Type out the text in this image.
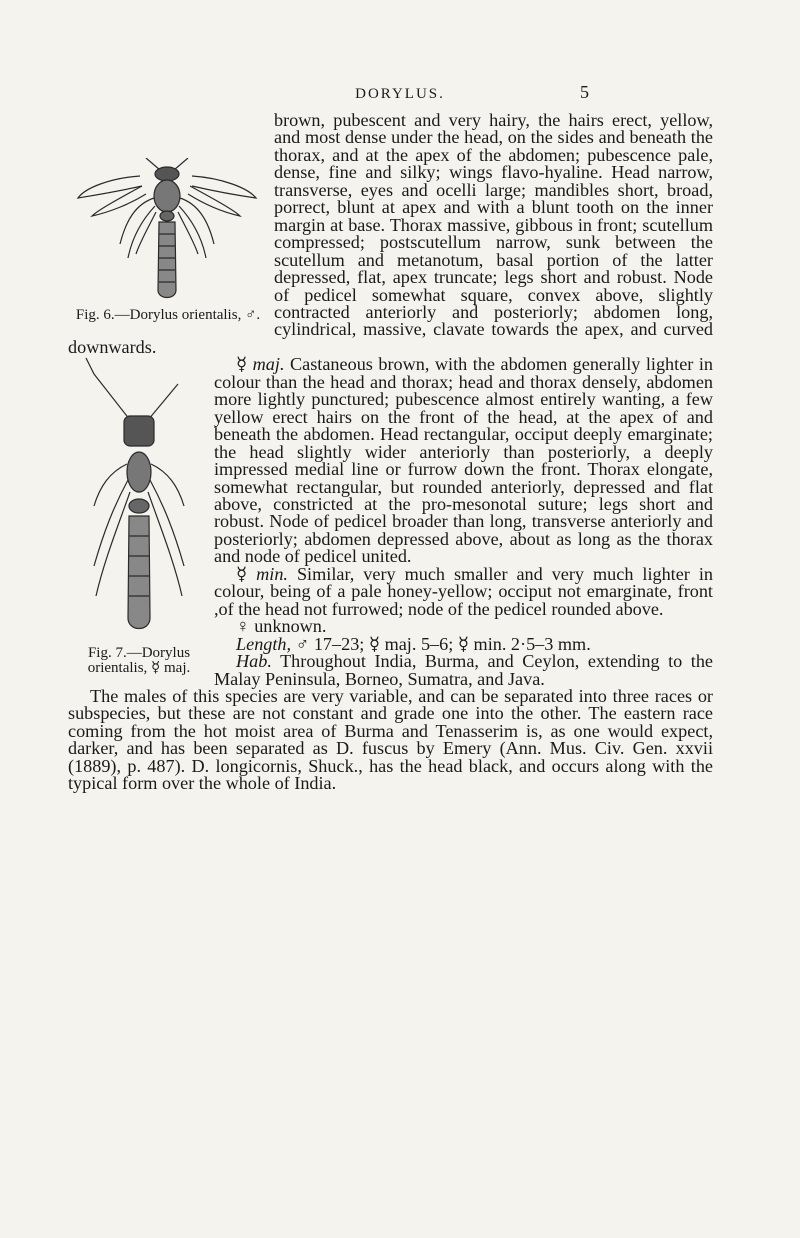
DORYLUS.	5
Fig. 6.—Dorylus orientalis, ♂.

brown, pubescent and very hairy, the hairs erect, yellow, and most dense under the head, on the sides and beneath the thorax, and at the apex of the abdomen; pubescence pale, dense, fine and silky; wings flavo-hyaline. Head narrow, transverse, eyes and ocelli large; mandibles short, broad, porrect, blunt at apex and with a blunt tooth on the inner margin at base. Thorax massive, gibbous in front; scutellum compressed; postscutellum narrow, sunk between the scutellum and metanotum, basal portion of the latter depressed, flat, apex truncate; legs short and robust. Node of pedicel somewhat square, convex above, slightly contracted anteriorly and posteriorly; abdomen long, cylindrical, massive, clavate towards the apex, and curved downwards.

Fig. 7.—Dorylus orientalis, ☿ maj.

☿ maj. Castaneous brown, with the abdomen generally lighter in colour than the head and thorax; head and thorax densely, abdomen more lightly punctured; pubescence almost entirely wanting, a few yellow erect hairs on the front of the head, at the apex of and beneath the abdomen. Head rectangular, occiput deeply emarginate; the head slightly wider anteriorly than posteriorly, a deeply impressed medial line or furrow down the front. Thorax elongate, somewhat rectangular, but rounded anteriorly, depressed and flat above, constricted at the pro-mesonotal suture; legs short and robust. Node of pedicel broader than long, transverse anteriorly and posteriorly; abdomen depressed above, about as long as the thorax and node of pedicel united.

☿ min. Similar, very much smaller and very much lighter in colour, being of a pale honey-yellow; occiput not emarginate, front ,of the head not furrowed; node of the pedicel rounded above.

♀ unknown.

Length, ♂ 17–23; ☿ maj. 5–6; ☿ min. 2·5–3 mm.

Hab. Throughout India, Burma, and Ceylon, extending to the Malay Peninsula, Borneo, Sumatra, and Java.

The males of this species are very variable, and can be separated into three races or subspecies, but these are not constant and grade one into the other. The eastern race coming from the hot moist area of Burma and Tenasserim is, as one would expect, darker, and has been separated as D. fuscus by Emery (Ann. Mus. Civ. Gen. xxvii (1889), p. 487). D. longicornis, Shuck., has the head black, and occurs along with the typical form over the whole of India.
